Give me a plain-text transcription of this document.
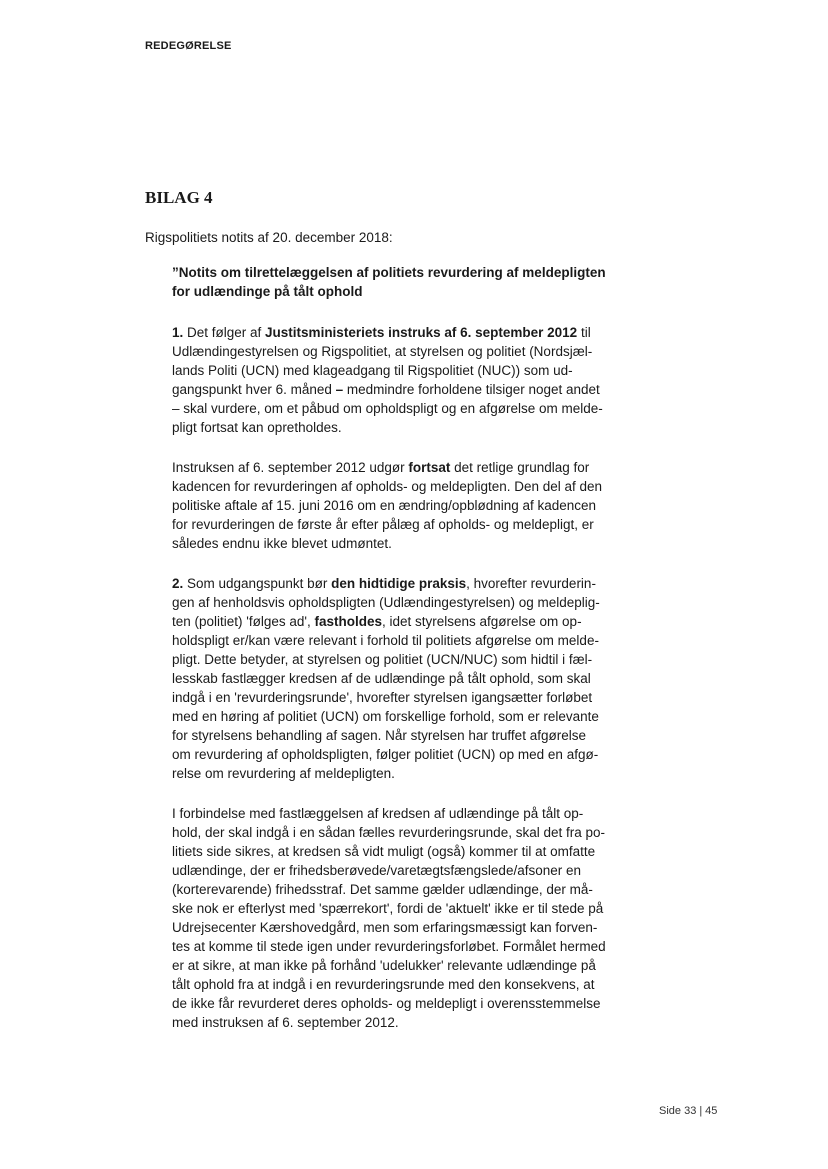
REDEGØRELSE
BILAG 4
Rigspolitiets notits af 20. december 2018:
”Notits om tilrettelæggelsen af politiets revurdering af meldepligten
for udlændinge på tålt ophold
1. Det følger af Justitsministeriets instruks af 6. september 2012 til
Udlændingestyrelsen og Rigspolitiet, at styrelsen og politiet (Nordsjæl-
lands Politi (UCN) med klageadgang til Rigspolitiet (NUC)) som ud-
gangspunkt hver 6. måned – medmindre forholdene tilsiger noget andet
– skal vurdere, om et påbud om opholdspligt og en afgørelse om melde-
pligt fortsat kan opretholdes.
Instruksen af 6. september 2012 udgør fortsat det retlige grundlag for
kadencen for revurderingen af opholds- og meldepligten. Den del af den
politiske aftale af 15. juni 2016 om en ændring/opblødning af kadencen
for revurderingen de første år efter pålæg af opholds- og meldepligt, er
således endnu ikke blevet udmøntet.
2. Som udgangspunkt bør den hidtidige praksis, hvorefter revurderin-
gen af henholdsvis opholdspligten (Udlændingestyrelsen) og meldeplig-
ten (politiet) 'følges ad', fastholdes, idet styrelsens afgørelse om op-
holdspligt er/kan være relevant i forhold til politiets afgørelse om melde-
pligt. Dette betyder, at styrelsen og politiet (UCN/NUC) som hidtil i fæl-
lesskab fastlægger kredsen af de udlændinge på tålt ophold, som skal
indgå i en 'revurderingsrunde', hvorefter styrelsen igangsætter forløbet
med en høring af politiet (UCN) om forskellige forhold, som er relevante
for styrelsens behandling af sagen. Når styrelsen har truffet afgørelse
om revurdering af opholdspligten, følger politiet (UCN) op med en afgø-
relse om revurdering af meldepligten.
I forbindelse med fastlæggelsen af kredsen af udlændinge på tålt op-
hold, der skal indgå i en sådan fælles revurderingsrunde, skal det fra po-
litiets side sikres, at kredsen så vidt muligt (også) kommer til at omfatte
udlændinge, der er frihedsberøvede/varetægtsfængslede/afsoner en
(korterevarende) frihedsstraf. Det samme gælder udlændinge, der må-
ske nok er efterlyst med 'spærrekort', fordi de 'aktuelt' ikke er til stede på
Udrejsecenter Kærshovedgård, men som erfaringsmæssigt kan forven-
tes at komme til stede igen under revurderingsforløbet. Formålet hermed
er at sikre, at man ikke på forhånd 'udelukker' relevante udlændinge på
tålt ophold fra at indgå i en revurderingsrunde med den konsekvens, at
de ikke får revurderet deres opholds- og meldepligt i overensstemmelse
med instruksen af 6. september 2012.
Side 33 | 45
